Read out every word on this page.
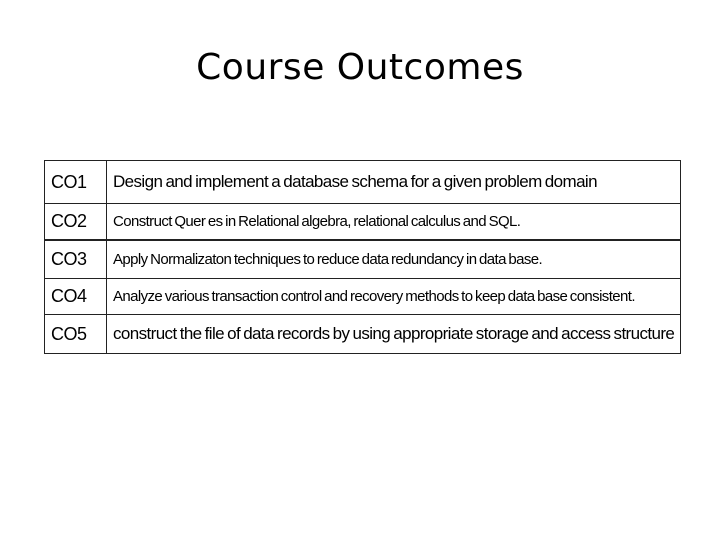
Course Outcomes
CO1	Design and implement a database schema for a given problem domain
CO2	Construct Quer es in Relational algebra, relational calculus and SQL.
CO3	Apply Normalizaton techniques to reduce data redundancy in data base.
CO4	Analyze various transaction control and recovery methods to keep data base consistent.
CO5	construct the file of data records by using appropriate storage and access structure
